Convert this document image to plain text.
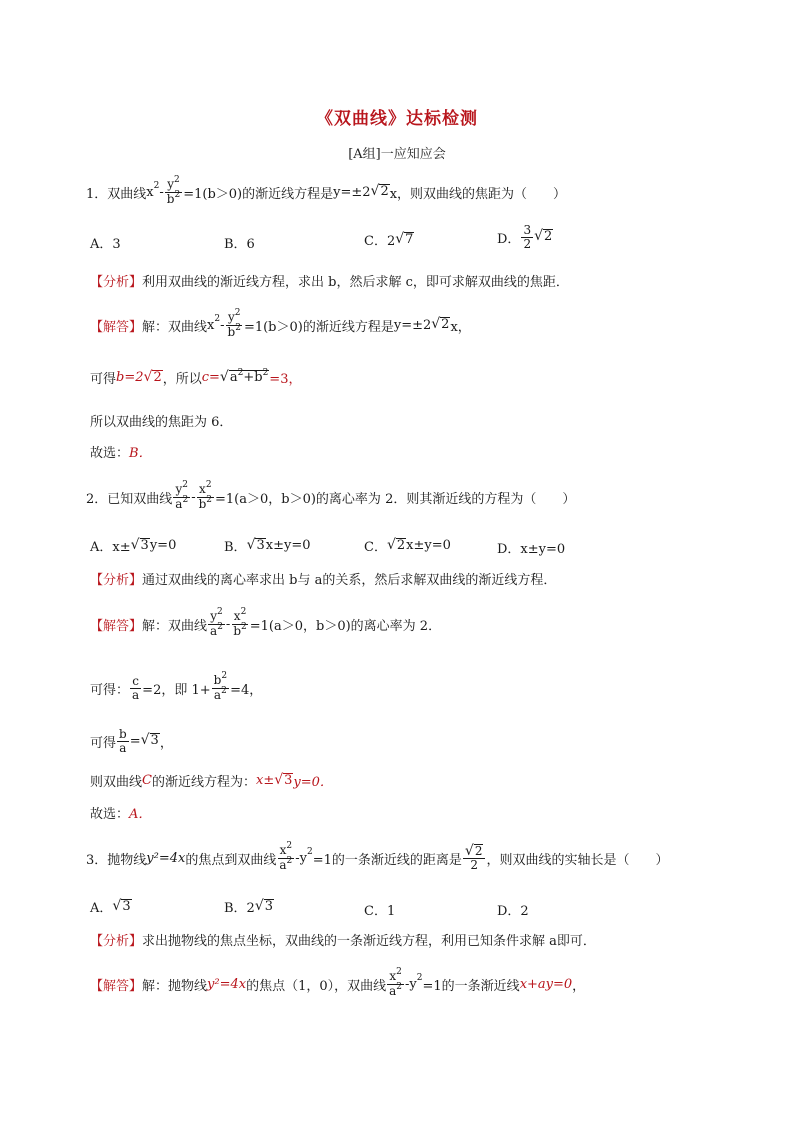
《双曲线》达标检测
[A组]一应知应会
1． 双曲线 x $2 - \frac{y^2}{b^2} =1(b>0)$的渐近线方程是 y=±2 √ 2 x，则双曲线的焦距为（　　）
A．3	B．6	C．2 √ 7	D． $\frac{3}{2}$ √ 2
【分析】 利用双曲线的渐近线方程，求出 b，然后求解 c，即可求解双曲线的焦距．
【解答】 解：双曲线 x $2 - \frac{y^2}{b^2} =1(b>0)$的渐近线方程是 y=±2 √ 2 x，
可得 b=2 √ 2 ，所以 c= √ $a^2+b^2 =3$，
所以双曲线的焦距为 6．
故选： B．
2． 已知双曲线 $\frac{y^2}{a^2} - \frac{x^2}{b^2} =1(a>0$，b＞0)的离心率为 2．则其渐近线的方程为（　　）
A．x± √ 3 y=0	B． √ 3 x±y=0	C． √ 2 x±y=0	D．x±y=0
【分析】 通过双曲线的离心率求出 b与 a的关系，然后求解双曲线的渐近线方程．
【解答】 解：双曲线 $\frac{y^2}{a^2} - \frac{x^2}{b^2} =1(a>0$，b＞0)的离心率为 2．
可得： $\frac{c}{a} =2$，即 $1+ \frac{b^2}{a^2} =4$，
可得 $\frac{b}{a}$ = √ 3 ，
则双曲线 C 的渐近线方程为： x± √ 3 y=0．
故选： A．
3． 抛物线 y²=4x 的焦点到双曲线 $\frac{x^2}{a^2} -y$ 2
=1的一条渐近线的距离是 $\frac{√ 2}{2}$ ，则双曲线的实轴长是（　　）
A． √ 3	B．2 √ 3	C．1	D．2
【分析】 求出抛物线的焦点坐标，双曲线的一条渐近线方程，利用已知条件求解 a即可．
【解答】 解：抛物线 y²=4x 的焦点（1，0），双曲线 $\frac{x^2}{a^2} -y$ 2
=1的一条渐近线 x+ay=0 ，
